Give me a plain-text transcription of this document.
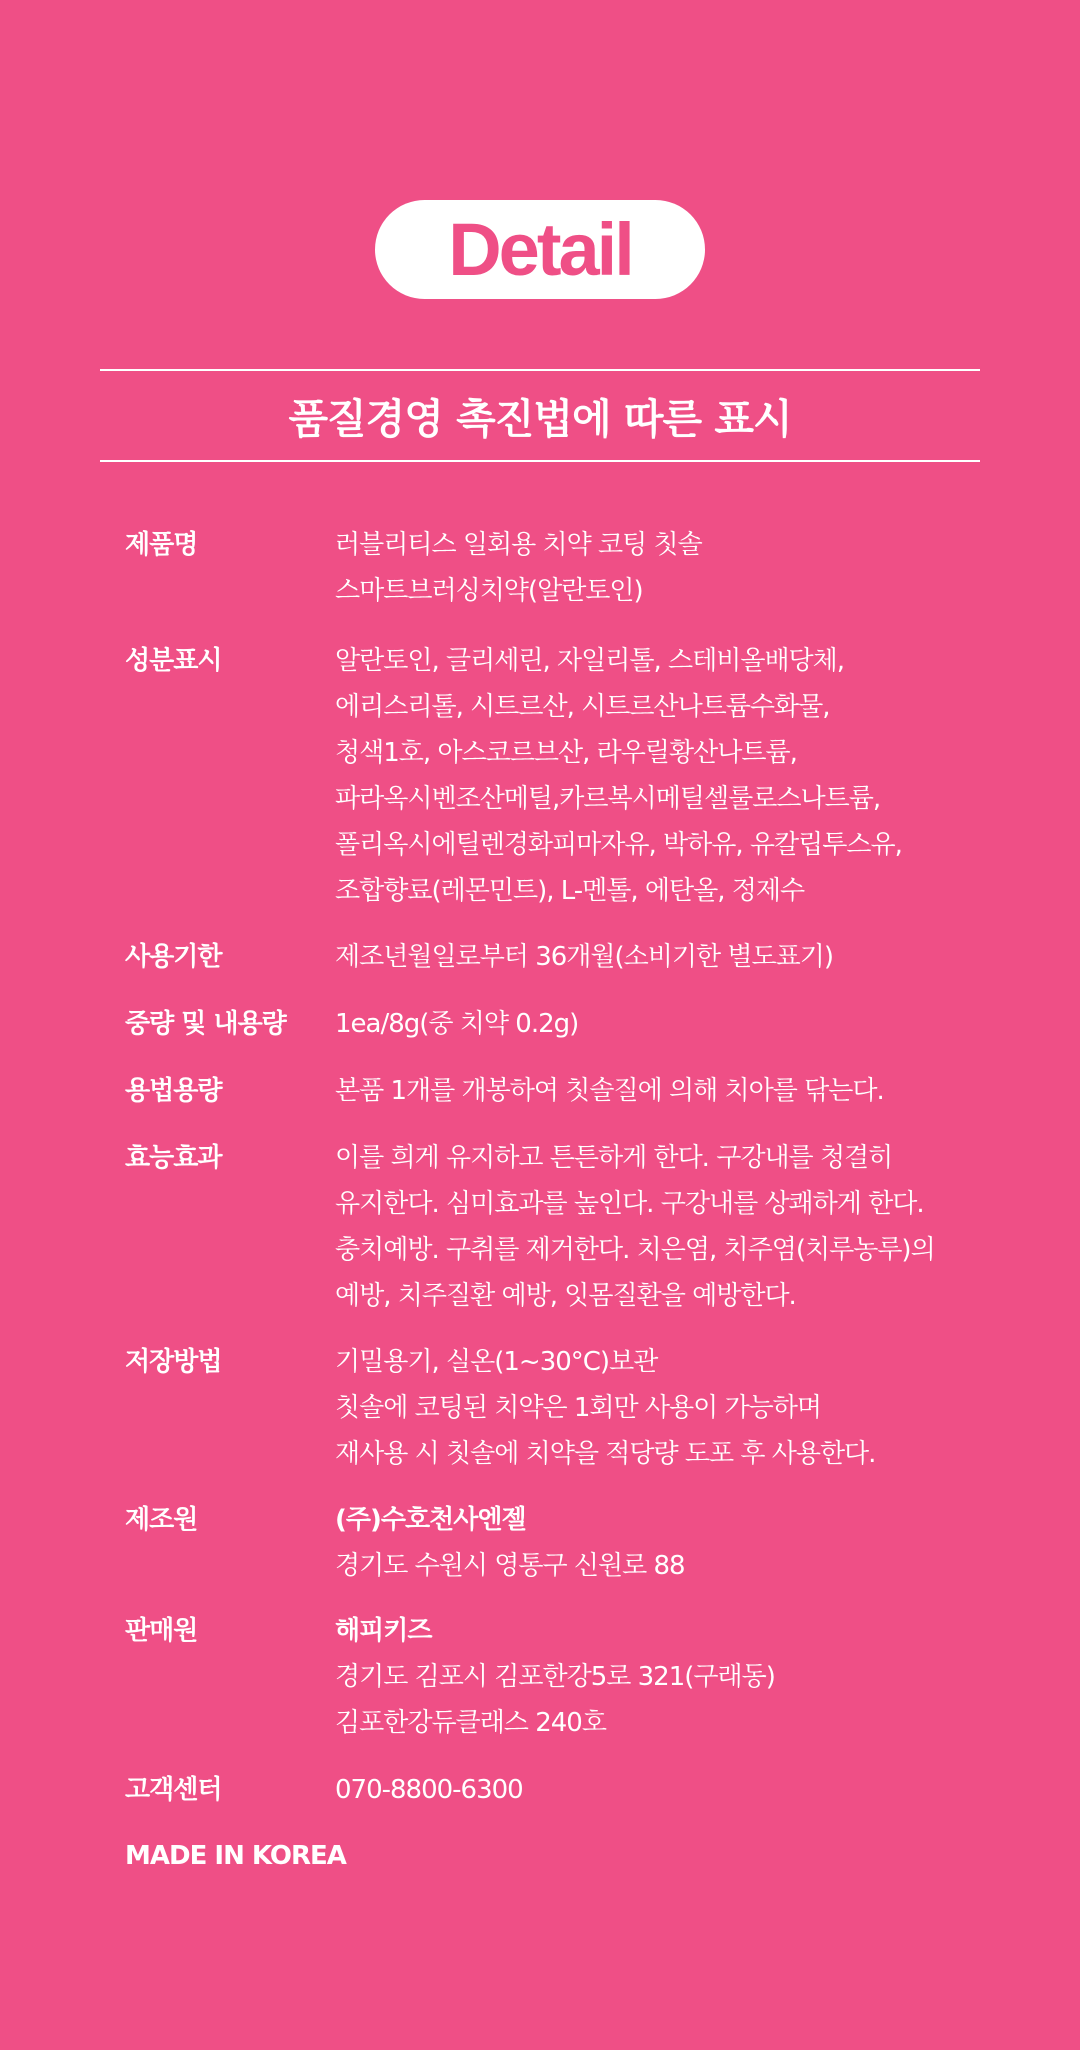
Detail
품질경영 촉진법에 따른 표시
제품명	러블리티스 일회용 치약 코팅 칫솔
스마트브러싱치약(알란토인)
성분표시	알란토인, 글리세린, 자일리톨, 스테비올배당체,
에리스리톨, 시트르산, 시트르산나트륨수화물,
청색1호, 아스코르브산, 라우릴황산나트륨,
파라옥시벤조산메틸,카르복시메틸셀룰로스나트륨,
폴리옥시에틸렌경화피마자유, 박하유, 유칼립투스유,
조합향료(레몬민트), L-멘톨, 에탄올, 정제수
사용기한	제조년월일로부터 36개월(소비기한 별도표기)
중량 및 내용량	1ea/8g(중 치약 0.2g)
용법용량	본품 1개를 개봉하여 칫솔질에 의해 치아를 닦는다.
효능효과	이를 희게 유지하고 튼튼하게 한다. 구강내를 청결히
유지한다. 심미효과를 높인다. 구강내를 상쾌하게 한다.
충치예방. 구취를 제거한다. 치은염, 치주염(치루농루)의
예방, 치주질환 예방, 잇몸질환을 예방한다.
저장방법	기밀용기, 실온(1~30°C)보관
칫솔에 코팅된 치약은 1회만 사용이 가능하며
재사용 시 칫솔에 치약을 적당량 도포 후 사용한다.
제조원	(주)수호천사엔젤
경기도 수원시 영통구 신원로 88
판매원	해피키즈
경기도 김포시 김포한강5로 321(구래동)
김포한강듀클래스 240호
고객센터	070-8800-6300
MADE IN KOREA
